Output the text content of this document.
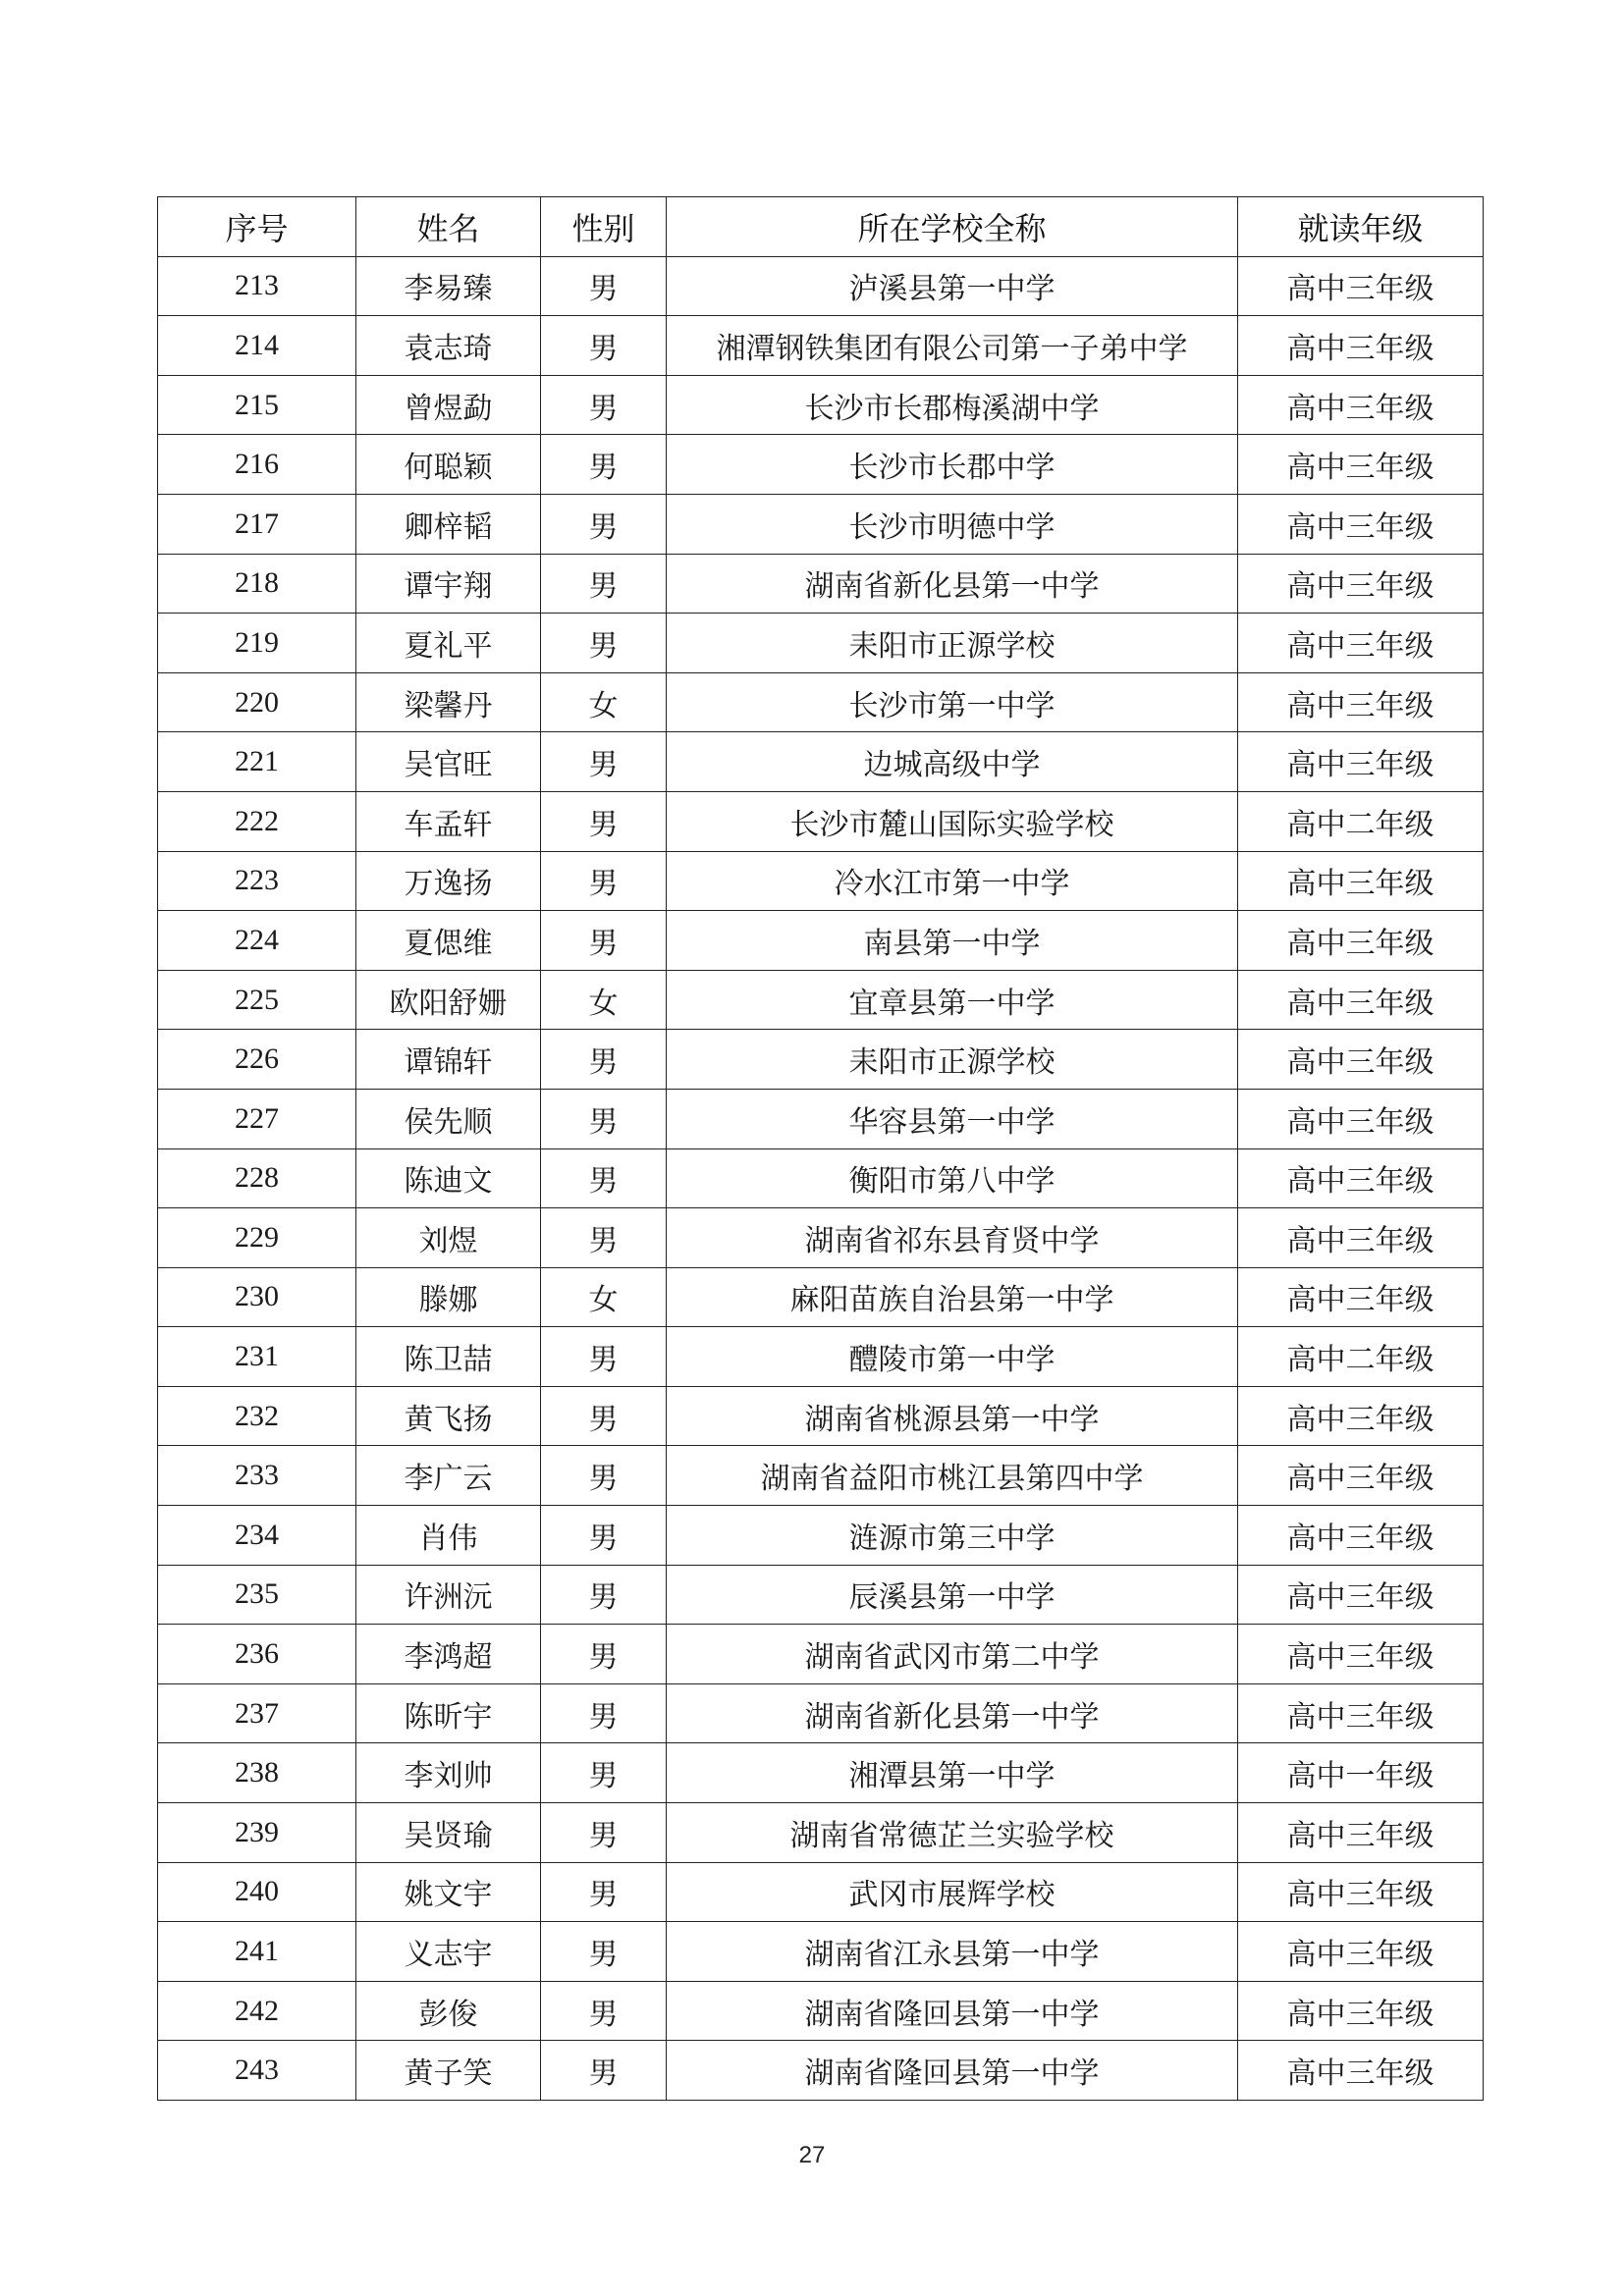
序号	姓名	性别	所在学校全称	就读年级
213	李易臻	男	泸溪县第一中学	高中三年级
214	袁志琦	男	湘潭钢铁集团有限公司第一子弟中学	高中三年级
215	曾煜勐	男	长沙市长郡梅溪湖中学	高中三年级
216	何聪颖	男	长沙市长郡中学	高中三年级
217	卿梓韬	男	长沙市明德中学	高中三年级
218	谭宇翔	男	湖南省新化县第一中学	高中三年级
219	夏礼平	男	耒阳市正源学校	高中三年级
220	梁馨丹	女	长沙市第一中学	高中三年级
221	吴官旺	男	边城高级中学	高中三年级
222	车孟轩	男	长沙市麓山国际实验学校	高中二年级
223	万逸扬	男	冷水江市第一中学	高中三年级
224	夏偲维	男	南县第一中学	高中三年级
225	欧阳舒姗	女	宜章县第一中学	高中三年级
226	谭锦轩	男	耒阳市正源学校	高中三年级
227	侯先顺	男	华容县第一中学	高中三年级
228	陈迪文	男	衡阳市第八中学	高中三年级
229	刘煜	男	湖南省祁东县育贤中学	高中三年级
230	滕娜	女	麻阳苗族自治县第一中学	高中三年级
231	陈卫喆	男	醴陵市第一中学	高中二年级
232	黄飞扬	男	湖南省桃源县第一中学	高中三年级
233	李广云	男	湖南省益阳市桃江县第四中学	高中三年级
234	肖伟	男	涟源市第三中学	高中三年级
235	许洲沅	男	辰溪县第一中学	高中三年级
236	李鸿超	男	湖南省武冈市第二中学	高中三年级
237	陈昕宇	男	湖南省新化县第一中学	高中三年级
238	李刘帅	男	湘潭县第一中学	高中一年级
239	吴贤瑜	男	湖南省常德芷兰实验学校	高中三年级
240	姚文宇	男	武冈市展辉学校	高中三年级
241	义志宇	男	湖南省江永县第一中学	高中三年级
242	彭俊	男	湖南省隆回县第一中学	高中三年级
243	黄子笑	男	湖南省隆回县第一中学	高中三年级
27
